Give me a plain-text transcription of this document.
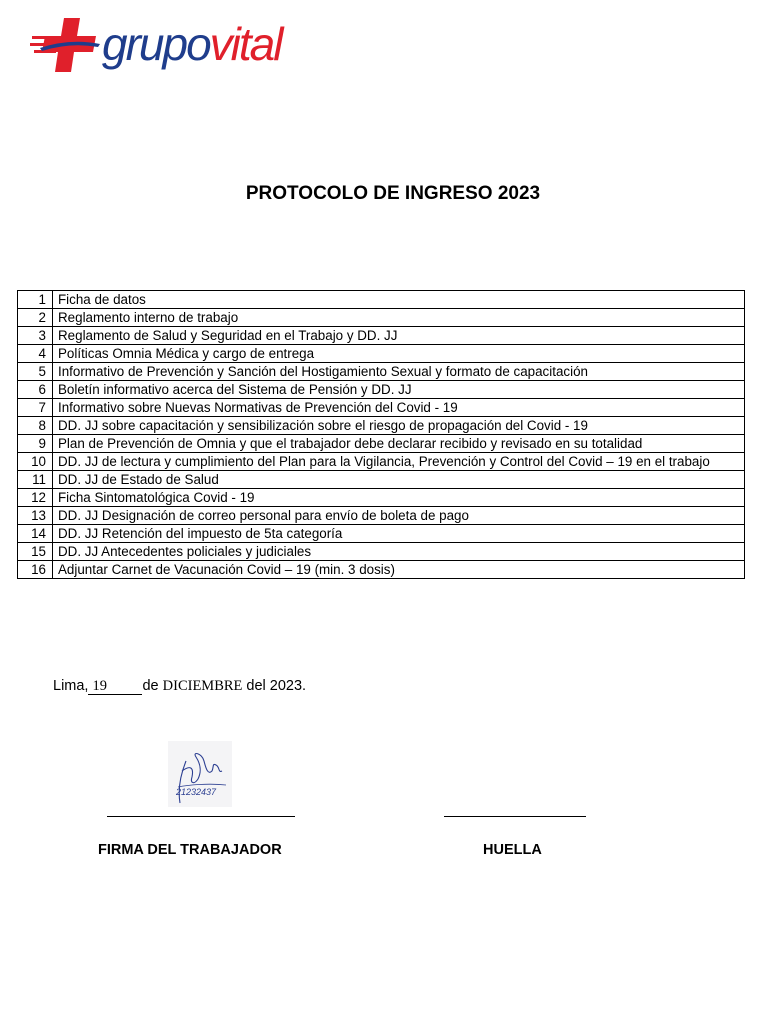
grupovital
PROTOCOLO DE INGRESO 2023
1	Ficha de datos
2	Reglamento interno de trabajo
3	Reglamento de Salud y Seguridad en el Trabajo y DD. JJ
4	Políticas Omnia Médica y cargo de entrega
5	Informativo de Prevención y Sanción del Hostigamiento Sexual y formato de capacitación
6	Boletín informativo acerca del Sistema de Pensión y DD. JJ
7	Informativo sobre Nuevas Normativas de Prevención del Covid - 19
8	DD. JJ sobre capacitación y sensibilización sobre el riesgo de propagación del Covid - 19
9	Plan de Prevención de Omnia y que el trabajador debe declarar recibido y revisado en su totalidad
10	DD. JJ de lectura y cumplimiento del Plan para la Vigilancia, Prevención y Control del Covid – 19 en el trabajo
11	DD. JJ de Estado de Salud
12	Ficha Sintomatológica Covid - 19
13	DD. JJ Designación de correo personal para envío de boleta de pago
14	DD. JJ Retención del impuesto de 5ta categoría
15	DD. JJ Antecedentes policiales y judiciales
16	Adjuntar Carnet de Vacunación Covid – 19 (min. 3 dosis)
Lima, 19 de DICIEMBRE del 2023.
21232437
FIRMA DEL TRABAJADOR	HUELLA
